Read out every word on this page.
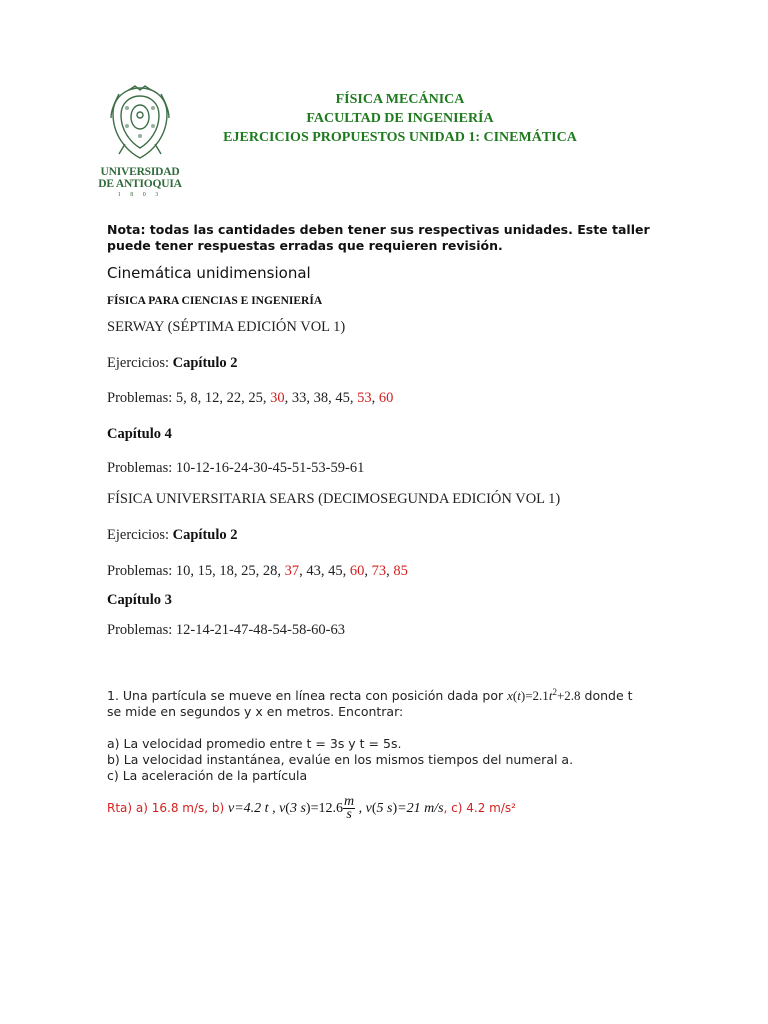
UNIVERSIDAD
DE ANTIOQUIA
1 8 0 3
FÍSICA MECÁNICA
FACULTAD DE INGENIERÍA
EJERCICIOS PROPUESTOS UNIDAD 1: CINEMÁTICA
Nota: todas las cantidades deben tener sus respectivas unidades. Este taller
puede tener respuestas erradas que requieren revisión.
Cinemática unidimensional
FÍSICA PARA CIENCIAS E INGENIERÍA
SERWAY (SÉPTIMA EDICIÓN VOL 1)
Ejercicios: Capítulo 2
Problemas: 5, 8, 12, 22, 25, 30, 33, 38, 45, 53, 60
Capítulo 4
Problemas: 10-12-16-24-30-45-51-53-59-61
FÍSICA UNIVERSITARIA SEARS (DECIMOSEGUNDA EDICIÓN VOL 1)
Ejercicios: Capítulo 2
Problemas: 10, 15, 18, 25, 28, 37, 43, 45, 60, 73, 85
Capítulo 3
Problemas: 12-14-21-47-48-54-58-60-63
1. Una partícula se mueve en línea recta con posición dada por $x(t)=2.1t^2+2.8$ donde t
se mide en segundos y x en metros. Encontrar:
a) La velocidad promedio entre t = 3s y t = 5s.
b) La velocidad instantánea, evalúe en los mismos tiempos del numeral a.
c) La aceleración de la partícula
Rta) a) 16.8 m/s, b) v=4.2 t , v(3 $s)=12.6 \frac{m}{s}$ , v(5 s)=21 m/s, c) 4.2 m/s²
